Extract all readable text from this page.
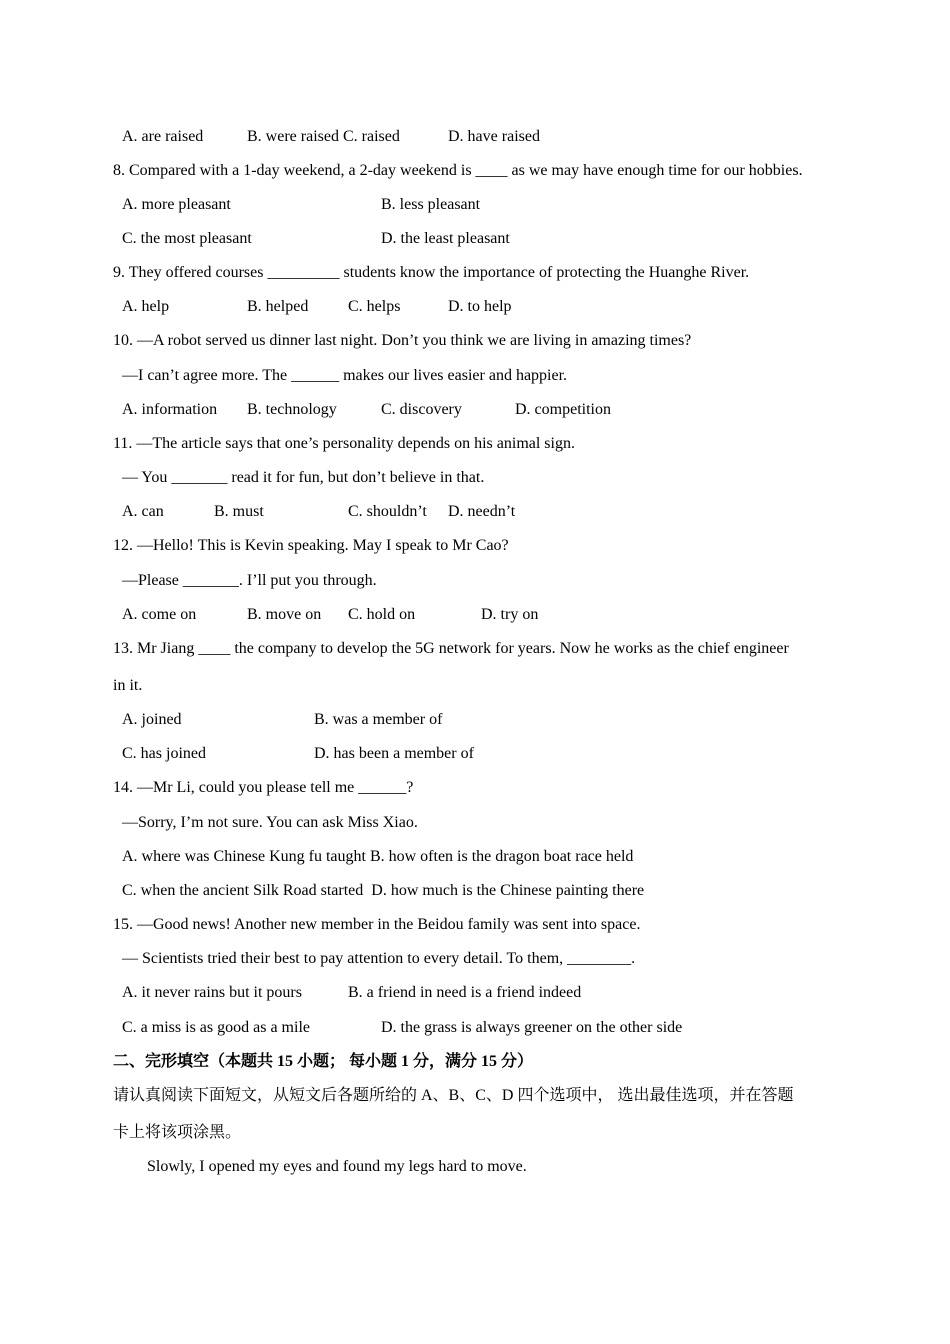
A. are raised	B. were raised C. raised	D. have raised
8. Compared with a 1-day weekend, a 2-day weekend is ____ as we may have enough time for our hobbies.
A. more pleasant	B. less pleasant
C. the most pleasant	D. the least pleasant
9. They offered courses _________ students know the importance of protecting the Huanghe River.
A. help	B. helped C. helps	D. to help
10. —A robot served us dinner last night. Don’t you think we are living in amazing times?
—I can’t agree more. The ______ makes our lives easier and happier.
A. information B. technology	C. discovery	D. competition
11. —The article says that one’s personality depends on his animal sign.
— You _______ read it for fun, but don’t believe in that.
A. can	B. must	C. shouldn’t D. needn’t
12. —Hello! This is Kevin speaking. May I speak to Mr Cao?
—Please _______. I’ll put you through.
A. come on	B. move on C. hold on	D. try on
13. Mr Jiang ____ the company to develop the 5G network for years. Now he works as the chief engineer
in it.
A. joined	B. was a member of
C. has joined	D. has been a member of
14. —Mr Li, could you please tell me ______?
—Sorry, I’m not sure. You can ask Miss Xiao.
A. where was Chinese Kung fu taught B. how often is the dragon boat race held
C. when the ancient Silk Road started  D. how much is the Chinese painting there
15. —Good news! Another new member in the Beidou family was sent into space.
— Scientists tried their best to pay attention to every detail. To them, ________.
A. it never rains but it pours	B. a friend in need is a friend indeed
C. a miss is as good as a mile	D. the grass is always greener on the other side
二、完形填空（本题共 15 小题； 每小题 1 分，满分 15 分）
请认真阅读下面短文，从短文后各题所给的 A、B、C、D 四个选项中， 选出最佳选项，并在答题
卡上将该项涂黑。
Slowly, I opened my eyes and found my legs hard to move.
